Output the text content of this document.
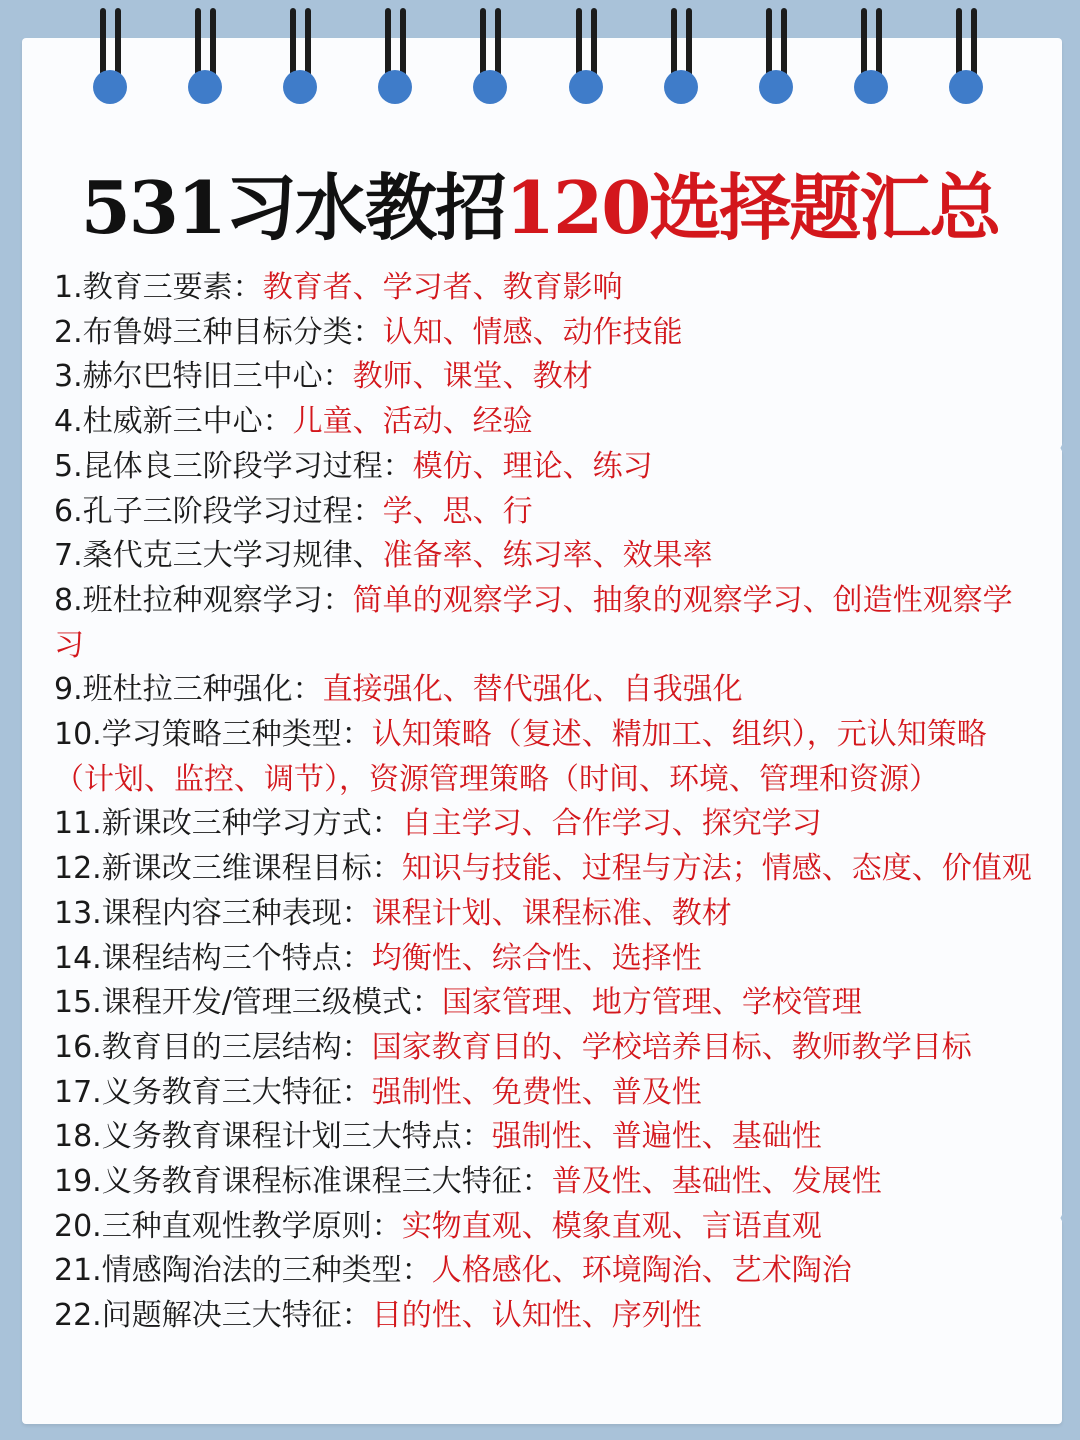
531习水教招120选择题汇总

1.教育三要素：教育者、学习者、教育影响

2.布鲁姆三种目标分类：认知、情感、动作技能

3.赫尔巴特旧三中心：教师、课堂、教材

4.杜威新三中心：儿童、活动、经验

5.昆体良三阶段学习过程：模仿、理论、练习

6.孔子三阶段学习过程：学、思、行

7.桑代克三大学习规律、准备率、练习率、效果率

8.班杜拉种观察学习：简单的观察学习、抽象的观察学习、创造性观察学习

9.班杜拉三种强化：直接强化、替代强化、自我强化

10.学习策略三种类型：认知策略（复述、精加工、组织），元认知策略（计划、监控、调节），资源管理策略（时间、环境、管理和资源）

11.新课改三种学习方式：自主学习、合作学习、探究学习

12.新课改三维课程目标：知识与技能、过程与方法；情感、态度、价值观

13.课程内容三种表现：课程计划、课程标准、教材

14.课程结构三个特点：均衡性、综合性、选择性

15.课程开发/管理三级模式：国家管理、地方管理、学校管理

16.教育目的三层结构：国家教育目的、学校培养目标、教师教学目标

17.义务教育三大特征：强制性、免费性、普及性

18.义务教育课程计划三大特点：强制性、普遍性、基础性

19.义务教育课程标准课程三大特征：普及性、基础性、发展性

20.三种直观性教学原则：实物直观、模象直观、言语直观

21.情感陶治法的三种类型：人格感化、环境陶治、艺术陶治

22.问题解决三大特征：目的性、认知性、序列性
